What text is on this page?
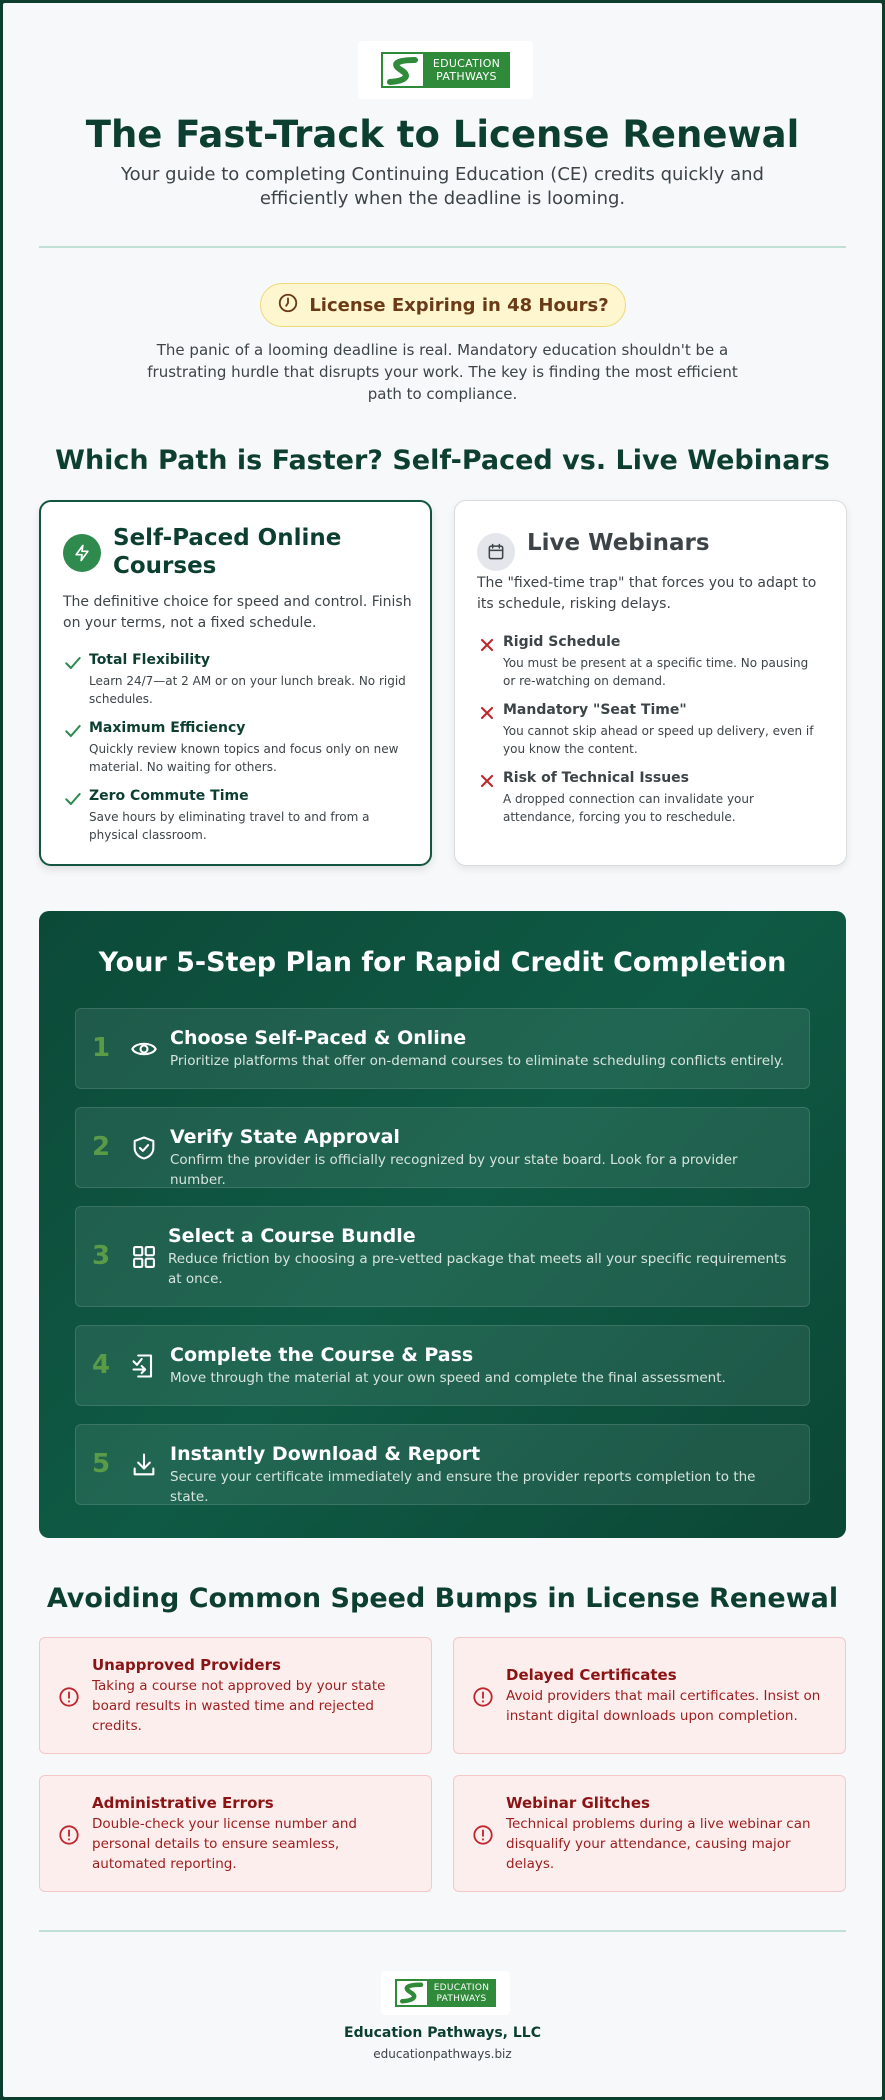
EDUCATION
PATHWAYS
The Fast-Track to License Renewal
Your guide to completing Continuing Education (CE) credits quickly and efficiently when the deadline is looming.
License Expiring in 48 Hours?
The panic of a looming deadline is real. Mandatory education shouldn't be a frustrating hurdle that disrupts your work. The key is finding the most efficient path to compliance.
Which Path is Faster? Self-Paced vs. Live Webinars
Self-Paced Online Courses
The definitive choice for speed and control. Finish on your terms, not a fixed schedule.
Total Flexibility
Learn 24/7—at 2 AM or on your lunch break. No rigid schedules.
Maximum Efficiency
Quickly review known topics and focus only on new material. No waiting for others.
Zero Commute Time
Save hours by eliminating travel to and from a physical classroom.
Live Webinars
The "fixed-time trap" that forces you to adapt to its schedule, risking delays.
Rigid Schedule
You must be present at a specific time. No pausing or re-watching on demand.
Mandatory "Seat Time"
You cannot skip ahead or speed up delivery, even if you know the content.
Risk of Technical Issues
A dropped connection can invalidate your attendance, forcing you to reschedule.
Your 5-Step Plan for Rapid Credit Completion
1	Choose Self-Paced & Online
Prioritize platforms that offer on-demand courses to eliminate scheduling conflicts entirely.
2	Verify State Approval
Confirm the provider is officially recognized by your state board. Look for a provider number.
3
Select a Course Bundle
Reduce friction by choosing a pre-vetted package that meets all your specific requirements at once.
4	Complete the Course & Pass
Move through the material at your own speed and complete the final assessment.
5	Instantly Download & Report
Secure your certificate immediately and ensure the provider reports completion to the state.
Avoiding Common Speed Bumps in License Renewal
Unapproved Providers
Taking a course not approved by your state board results in wasted time and rejected credits.
Delayed Certificates
Avoid providers that mail certificates. Insist on instant digital downloads upon completion.
Administrative Errors
Double-check your license number and personal details to ensure seamless, automated reporting.
Webinar Glitches
Technical problems during a live webinar can disqualify your attendance, causing major delays.
EDUCATION
PATHWAYS
Education Pathways, LLC
educationpathways.biz
